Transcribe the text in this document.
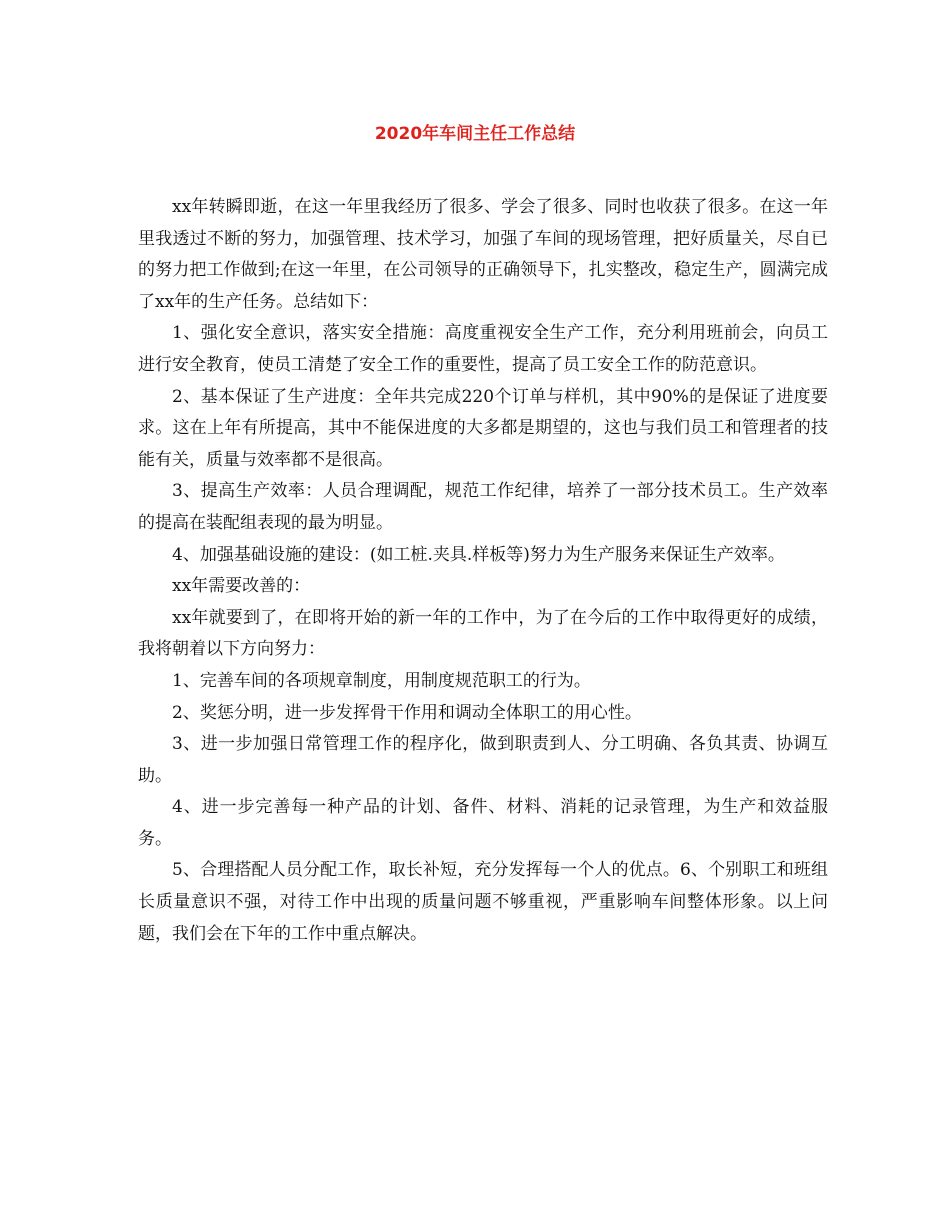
2020年车间主任工作总结

xx年转瞬即逝，在这一年里我经历了很多、学会了很多、同时也收获了很多。在这一年里我透过不断的努力，加强管理、技术学习，加强了车间的现场管理，把好质量关，尽自已的努力把工作做到;在这一年里，在公司领导的正确领导下，扎实整改，稳定生产，圆满完成了xx年的生产任务。总结如下：

1、强化安全意识，落实安全措施：高度重视安全生产工作，充分利用班前会，向员工进行安全教育，使员工清楚了安全工作的重要性，提高了员工安全工作的防范意识。

2、基本保证了生产进度：全年共完成220个订单与样机，其中90%的是保证了进度要求。这在上年有所提高，其中不能保进度的大多都是期望的，这也与我们员工和管理者的技能有关，质量与效率都不是很高。

3、提高生产效率：人员合理调配，规范工作纪律，培养了一部分技术员工。生产效率的提高在装配组表现的最为明显。

4、加强基础设施的建设：(如工桩.夹具.样板等)努力为生产服务来保证生产效率。

xx年需要改善的：

xx年就要到了，在即将开始的新一年的工作中，为了在今后的工作中取得更好的成绩，我将朝着以下方向努力：

1、完善车间的各项规章制度，用制度规范职工的行为。

2、奖惩分明，进一步发挥骨干作用和调动全体职工的用心性。

3、进一步加强日常管理工作的程序化，做到职责到人、分工明确、各负其责、协调互助。

4、进一步完善每一种产品的计划、备件、材料、消耗的记录管理，为生产和效益服务。

5、合理搭配人员分配工作，取长补短，充分发挥每一个人的优点。6、个别职工和班组长质量意识不强，对待工作中出现的质量问题不够重视，严重影响车间整体形象。以上问题，我们会在下年的工作中重点解决。
